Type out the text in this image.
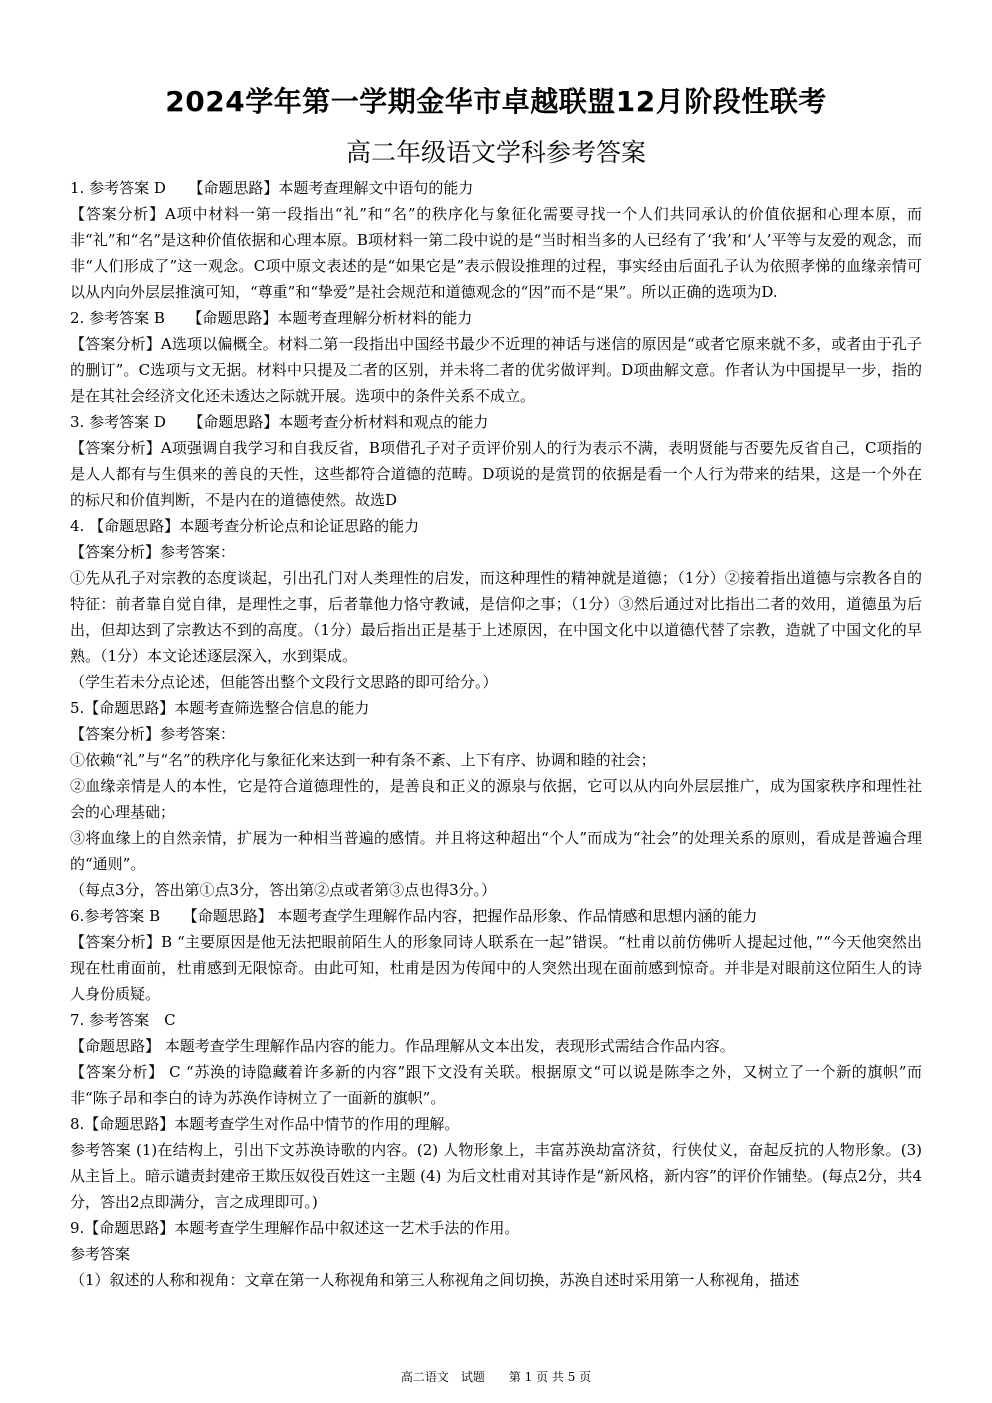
2024学年第一学期金华市卓越联盟12月阶段性联考
高二年级语文学科参考答案

1. 参考答案 D　　【命题思路】本题考查理解文中语句的能力

【答案分析】A项中材料一第一段指出“礼”和“名”的秩序化与象征化需要寻找一个人们共同承认的价值依据和心理本原，而非“礼”和“名”是这种价值依据和心理本原。B项材料一第二段中说的是“当时相当多的人已经有了‘我’和‘人’平等与友爱的观念，而非“人们形成了”这一观念。C项中原文表述的是“如果它是”表示假设推理的过程，事实经由后面孔子认为依照孝悌的血缘亲情可以从内向外层层推演可知，“尊重”和“挚爱”是社会规范和道德观念的“因”而不是“果”。所以正确的选项为D.

2. 参考答案 B　　【命题思路】本题考查理解分析材料的能力

【答案分析】A选项以偏概全。材料二第一段指出中国经书最少不近理的神话与迷信的原因是“或者它原来就不多，或者由于孔子的删订”。C选项与文无据。材料中只提及二者的区别，并未将二者的优劣做评判。D项曲解文意。作者认为中国提早一步，指的是在其社会经济文化还未透达之际就开展。选项中的条件关系不成立。

3. 参考答案 D　　【命题思路】本题考查分析材料和观点的能力

【答案分析】A项强调自我学习和自我反省，B项借孔子对子贡评价别人的行为表示不满，表明贤能与否要先反省自己，C项指的是人人都有与生俱来的善良的天性，这些都符合道德的范畴。D项说的是赏罚的依据是看一个人行为带来的结果，这是一个外在的标尺和价值判断，不是内在的道德使然。故选D

4. 【命题思路】本题考查分析论点和论证思路的能力

【答案分析】参考答案：

①先从孔子对宗教的态度谈起，引出孔门对人类理性的启发，而这种理性的精神就是道德；（1分）②接着指出道德与宗教各自的特征：前者靠自觉自律，是理性之事，后者靠他力恪守教诫，是信仰之事；（1分）③然后通过对比指出二者的效用，道德虽为后出，但却达到了宗教达不到的高度。（1分）最后指出正是基于上述原因，在中国文化中以道德代替了宗教，造就了中国文化的早熟。（1分）本文论述逐层深入，水到渠成。

（学生若未分点论述，但能答出整个文段行文思路的即可给分。）

5.【命题思路】本题考查筛选整合信息的能力

【答案分析】参考答案：

①依赖“礼”与“名”的秩序化与象征化来达到一种有条不紊、上下有序、协调和睦的社会；

②血缘亲情是人的本性，它是符合道德理性的，是善良和正义的源泉与依据，它可以从内向外层层推广，成为国家秩序和理性社会的心理基础；

③将血缘上的自然亲情，扩展为一种相当普遍的感情。并且将这种超出“个人”而成为“社会”的处理关系的原则，看成是普遍合理的“通则”。

（每点3分，答出第①点3分，答出第②点或者第③点也得3分。）

6.参考答案 B　　【命题思路】 本题考查学生理解作品内容，把握作品形象、作品情感和思想内涵的能力

【答案分析】B “主要原因是他无法把眼前陌生人的形象同诗人联系在一起”错误。“杜甫以前仿佛听人提起过他，”“今天他突然出现在杜甫面前，杜甫感到无限惊奇。由此可知，杜甫是因为传闻中的人突然出现在面前感到惊奇。并非是对眼前这位陌生人的诗人身份质疑。

7. 参考答案　C

【命题思路】 本题考查学生理解作品内容的能力。作品理解从文本出发，表现形式需结合作品内容。

【答案分析】 C “苏涣的诗隐藏着许多新的内容”跟下文没有关联。根据原文“可以说是陈李之外，又树立了一个新的旗帜”而非“陈子昂和李白的诗为苏涣作诗树立了一面新的旗帜”。

8.【命题思路】本题考查学生对作品中情节的作用的理解。

参考答案 (1)在结构上，引出下文苏涣诗歌的内容。(2) 人物形象上，丰富苏涣劫富济贫，行侠仗义，奋起反抗的人物形象。(3) 从主旨上。暗示谴责封建帝王欺压奴役百姓这一主题 (4) 为后文杜甫对其诗作是“新风格，新内容”的评价作铺垫。(每点2分，共4分，答出2点即满分，言之成理即可。)

9.【命题思路】本题考查学生理解作品中叙述这一艺术手法的作用。

参考答案

（1）叙述的人称和视角：文章在第一人称视角和第三人称视角之间切换，苏涣自述时采用第一人称视角，描述

高二语文　试题　　第 1 页 共 5 页
